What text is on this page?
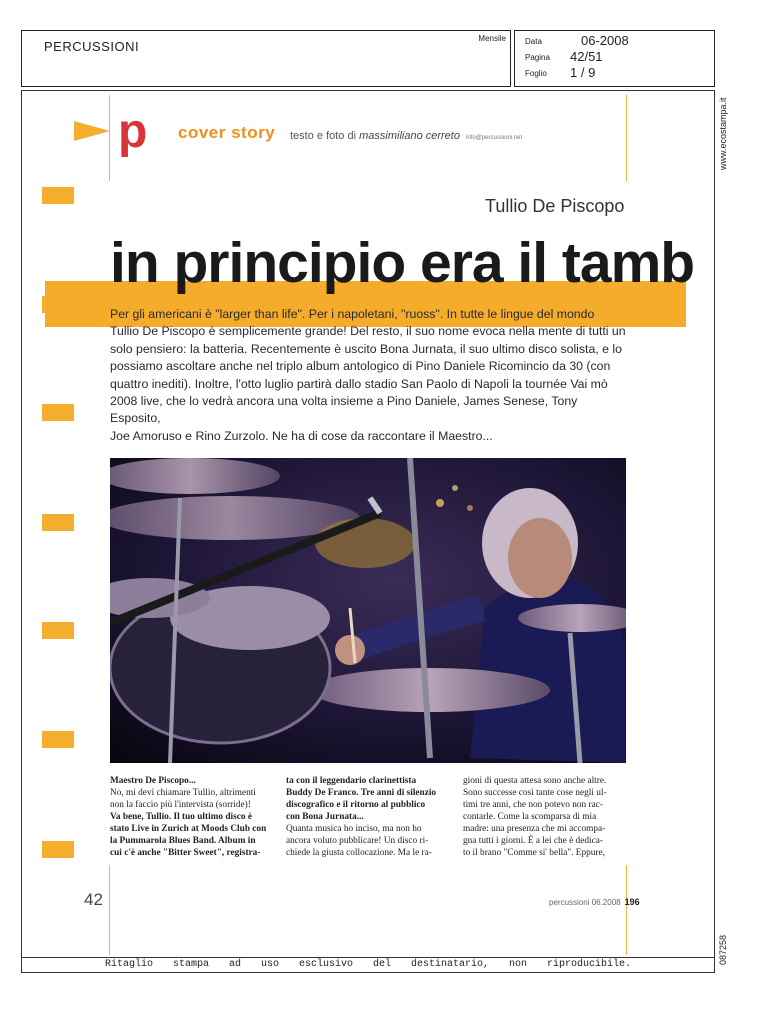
PERCUSSIONI
Mensile Data	06-2008
Pagina 42/51
Foglio 1 / 9
www.ecostampa.it
087258
Ritaglio stampa ad uso esclusivo del destinatario, non riproducibile.
p cover story testo e foto di massimiliano cerreto info@percussioni.net
Tullio De Piscopo
in principio era il tamb
Per gli americani è "larger than life". Per i napoletani, "ruoss". In tutte le lingue del mondo
Tullio De Piscopo è semplicemente grande! Del resto, il suo nome evoca nella mente di tutti un
solo pensiero: la batteria. Recentemente è uscito Bona Jurnata, il suo ultimo disco solista, e lo
possiamo ascoltare anche nel triplo album antologico di Pino Daniele Ricomincio da 30 (con
quattro inediti). Inoltre, l'otto luglio partirà dallo stadio San Paolo di Napoli la tournée Vai mò
2008 live, che lo vedrà ancora una volta insieme a Pino Daniele, James Senese, Tony Esposito,
Joe Amoruso e Rino Zurzolo. Ne ha di cose da raccontare il Maestro...
Maestro De Piscopo...
No, mi devi chiamare Tullio, altrimenti
non la faccio più l'intervista (sorride)!
Va bene, Tullio. Il tuo ultimo disco è
stato Live in Zurich at Moods Club con
la Pummarola Blues Band. Album in
cui c'è anche "Bitter Sweet", registra-
ta con il leggendario clarinettista
Buddy De Franco. Tre anni di silenzio
discografico e il ritorno al pubblico
con Bona Jurnata...
Quanta musica ho inciso, ma non ho
ancora voluto pubblicare! Un disco ri-
chiede la giusta collocazione. Ma le ra-
gioni di questa attesa sono anche altre.
Sono successe così tante cose negli ul-
timi tre anni, che non potevo non rac-
contarle. Come la scomparsa di mia
madre: una presenza che mi accompa-
gna tutti i giorni. È a lei che è dedica-
to il brano "Comme si' bella". Eppure,
42	percussioni 06.2008 196
